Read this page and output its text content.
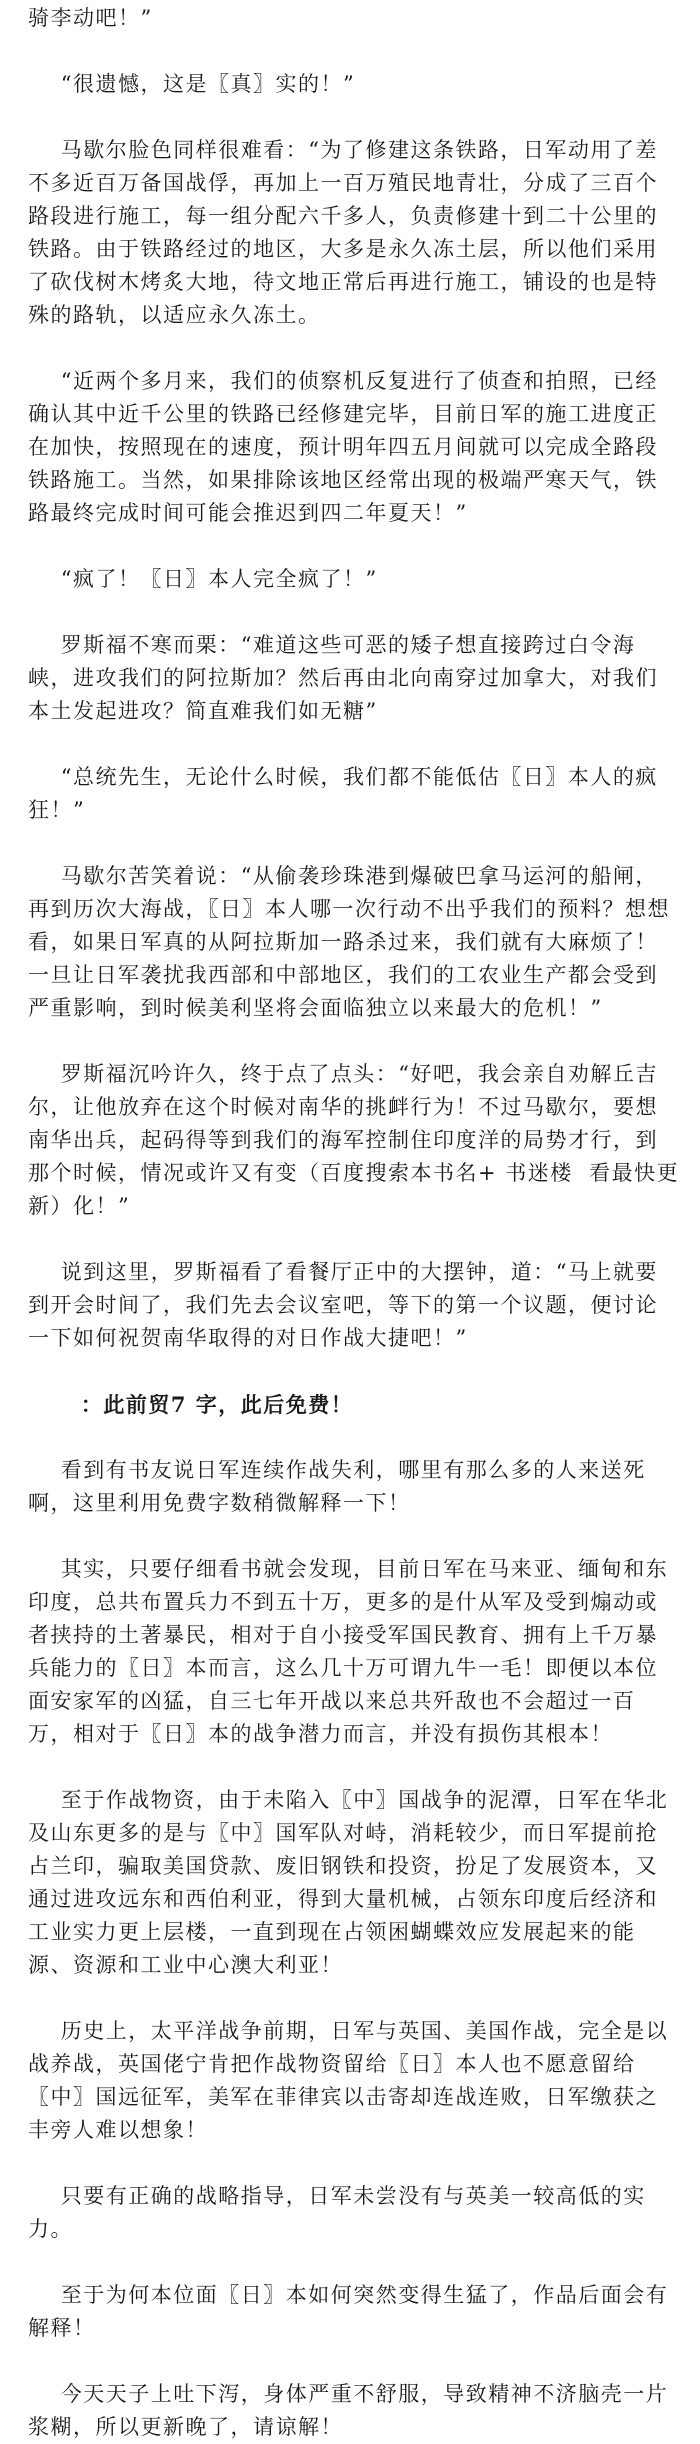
骑李动吧！”

“很遗憾，这是〖真〗实的！”

马歇尔脸色同样很难看：“为了修建这条铁路，日军动用了差不多近百万备国战俘，再加上一百万殖民地青壮，分成了三百个路段进行施工，每一组分配六千多人，负责修建十到二十公里的铁路。由于铁路经过的地区，大多是永久冻土层，所以他们采用了砍伐树木烤炙大地，待文地正常后再进行施工，铺设的也是特殊的路轨，以适应永久冻土。

“近两个多月来，我们的侦察机反复进行了侦查和拍照，已经确认其中近千公里的铁路已经修建完毕，目前日军的施工进度正在加快，按照现在的速度，预计明年四五月间就可以完成全路段铁路施工。当然，如果排除该地区经常出现的极端严寒天气，铁路最终完成时间可能会推迟到四二年夏天！”

“疯了！〖日〗本人完全疯了！”

罗斯福不寒而栗：“难道这些可恶的矮子想直接跨过白令海峡，进攻我们的阿拉斯加？然后再由北向南穿过加拿大，对我们本土发起进攻？简直难我们如无糖”

“总统先生，无论什么时候，我们都不能低估〖日〗本人的疯狂！”

马歇尔苦笑着说：“从偷袭珍珠港到爆破巴拿马运河的船闸，再到历次大海战，〖日〗本人哪一次行动不出乎我们的预料？想想看，如果日军真的从阿拉斯加一路杀过来，我们就有大麻烦了！一旦让日军袭扰我西部和中部地区，我们的工农业生产都会受到严重影响，到时候美利坚将会面临独立以来最大的危机！”

罗斯福沉吟许久，终于点了点头：“好吧，我会亲自劝解丘吉尔，让他放弃在这个时候对南华的挑衅行为！不过马歇尔，要想南华出兵，起码得等到我们的海军控制住印度洋的局势才行，到那个时候，情况或许又有变（百度搜索本书名+ 书迷楼  看最快更新）化！”

说到这里，罗斯福看了看餐厅正中的大摆钟，道：“马上就要到开会时间了，我们先去会议室吧，等下的第一个议题，便讨论一下如何祝贺南华取得的对日作战大捷吧！”

：此前贸7 字，此后免费！

看到有书友说日军连续作战失利，哪里有那么多的人来送死啊，这里利用免费字数稍微解释一下！

其实，只要仔细看书就会发现，目前日军在马来亚、缅甸和东印度，总共布置兵力不到五十万，更多的是什从军及受到煽动或者挟持的土著暴民，相对于自小接受军国民教育、拥有上千万暴兵能力的〖日〗本而言，这么几十万可谓九牛一毛！即便以本位面安家军的凶猛，自三七年开战以来总共歼敌也不会超过一百万，相对于〖日〗本的战争潜力而言，并没有损伤其根本！

至于作战物资，由于未陷入〖中〗国战争的泥潭，日军在华北及山东更多的是与〖中〗国军队对峙，消耗较少，而日军提前抢占兰印，骗取美国贷款、废旧钢铁和投资，扮足了发展资本，又通过进攻远东和西伯利亚，得到大量机械，占领东印度后经济和工业实力更上层楼，一直到现在占领困蝴蝶效应发展起来的能源、资源和工业中心澳大利亚！

历史上，太平洋战争前期，日军与英国、美国作战，完全是以战养战，英国佬宁肯把作战物资留给〖日〗本人也不愿意留给〖中〗国远征军，美军在菲律宾以击寄却连战连败，日军缴获之丰旁人难以想象！

只要有正确的战略指导，日军未尝没有与英美一较高低的实力。

至于为何本位面〖日〗本如何突然变得生猛了，作品后面会有解释！

今天天子上吐下泻，身体严重不舒服，导致精神不济脑壳一片浆糊，所以更新晚了，请谅解！
